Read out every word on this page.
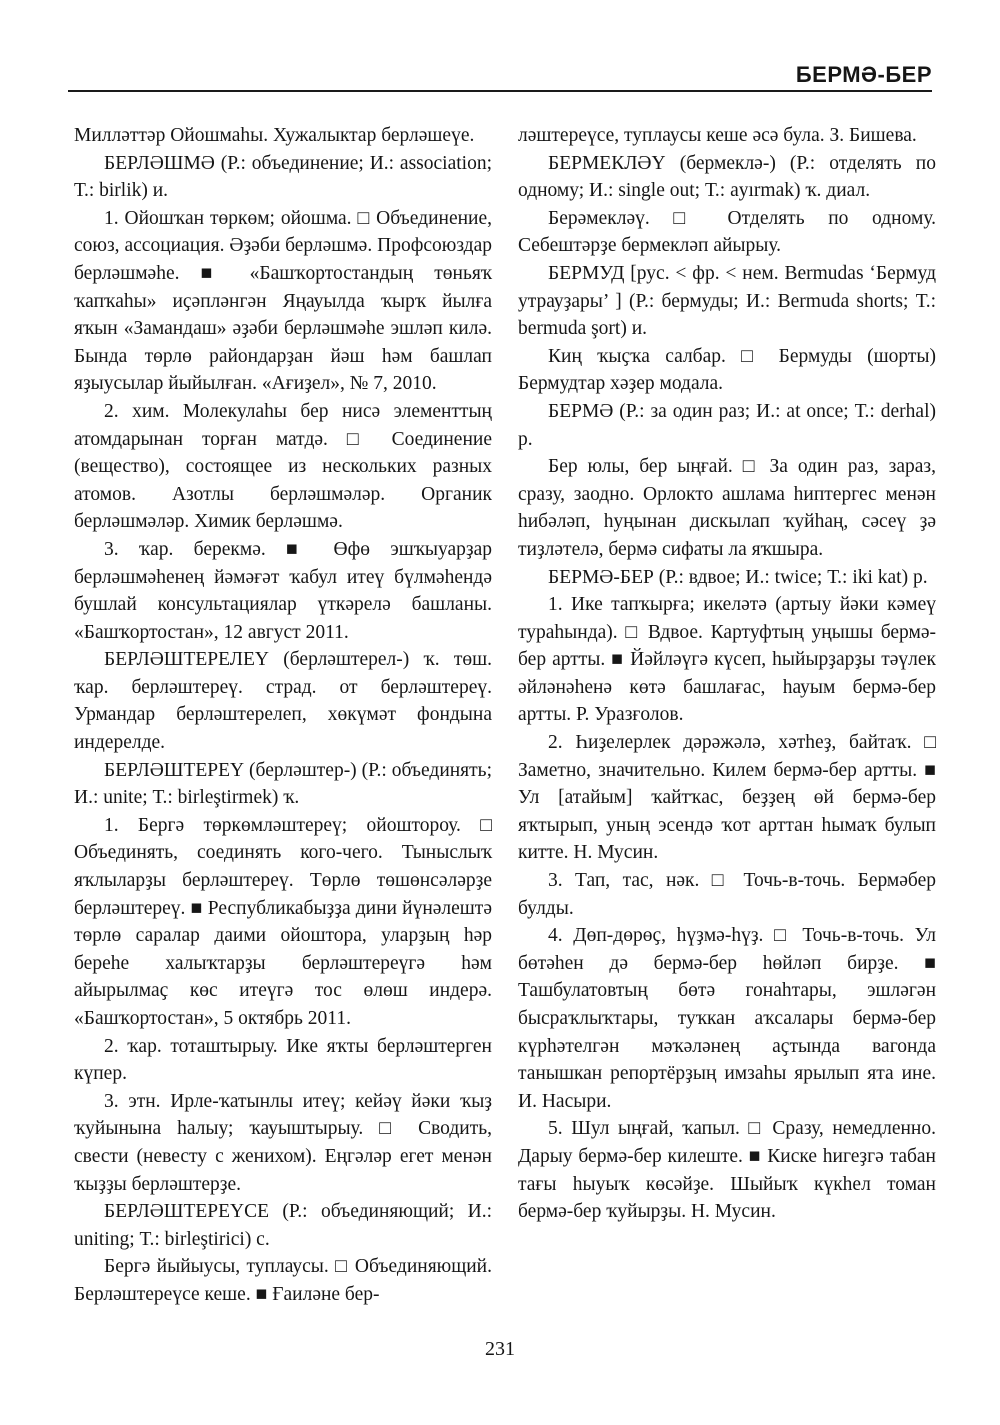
БЕРМӘ-БЕР

Милләттәр Ойошмаһы. Хужалыктар берләшеүе.

БЕРЛӘШМӘ (Р.: объединение; И.: association; Т.: birlik) и.

1. Ойошҡан төркөм; ойошма. □ Объединение, союз, ассоциация. Әҙәби берләшмә. Профсоюздар берләшмәһе. ■ «Башҡортостандың төньяҡ ҡапҡаһы» иҫәпләнгән Яңауылда ҡырҡ йылға яҡын «Замандаш» әҙәби берләшмәһе эшләп килә. Бында төрлө райондарҙан йәш һәм башлап яҙыусылар йыйылған. «Ағиҙел», № 7, 2010.

2. хим. Молекулаһы бер нисә элементтың атомдарынан торған матдә. □ Соединение (вещество), состоящее из нескольких разных атомов. Азотлы берләшмәләр. Органик берләшмәләр. Химик берләшмә.

3. ҡар. берекмә. ■ Өфө эшҡыуарҙар берләшмәһенең йәмәғәт ҡабул итеү бүлмәһендә бушлай консультациялар үткәрелә башланы. «Башҡортостан», 12 август 2011.

БЕРЛӘШТЕРЕЛЕҮ (берләштерел-) ҡ. төш. ҡар. берләштереү. страд. от берләштереү. Урмандар берләштерелеп, хөкүмәт фондына индерелде.

БЕРЛӘШТЕРЕҮ (берләштер-) (Р.: объединять; И.: unite; Т.: birleştirmek) ҡ.

1. Бергә төркөмләштереү; ойоштороу. □ Объединять, соединять кого-чего. Тыныслыҡ яҡлыларҙы берләштереү. Төрлө төшөнсәләрҙе берләштереү. ■ Республикабыҙҙа дини йүнәлештә төрлө саралар даими ойоштора, уларҙың һәр береһе халыҡтарҙы берләштереүгә һәм айырылмаҫ көс итеүгә тос өлөш индерә. «Башҡортостан», 5 октябрь 2011.

2. ҡар. тоташтырыу. Ике яҡты берләштерген күпер.

3. этн. Ирле-ҡатынлы итеү; кейәү йәки ҡыҙ ҡуйынына һалыу; ҡауыштырыу. □ Сводить, свести (невесту с женихом). Еңгәләр егет менән ҡыҙҙы берләштерҙе.

БЕРЛӘШТЕРЕҮСЕ (Р.: объединяющий; И.: uniting; Т.: birleştirici) с.

Бергә йыйыусы, туплаусы. □ Объединяющий. Берләштереүсе кеше. ■ Ғаиләне бер-

ләштереүсе, туплаусы кеше әсә була. З. Бишева.

БЕРМЕКЛӘҮ (бермеклә-) (Р.: отделять по одному; И.: single out; Т.: ayırmak) ҡ. диал.

Берәмекләү. □ Отделять по одному. Себештәрҙе бермекләп айырыу.

БЕРМУД [рус. < фр. < нем. Bermudas ‘Бермуд утрауҙары’ ] (Р.: бермуды; И.: Bermuda shorts; Т.: bermuda şort) и.

Киң ҡыҫҡа салбар. □ Бермуды (шорты) Бермудтар хәҙер модала.

БЕРМӘ (Р.: за один раз; И.: at once; Т.: derhal) р.

Бер юлы, бер ыңғай. □ За один раз, зараз, сразу, заодно. Орлокто ашлама һиптергес менән һибәләп, һуңынан дискылап ҡуйһаң, сәсеү ҙә тиҙләтелә, бермә сифаты ла яҡшыра.

БЕРМӘ-БЕР (Р.: вдвое; И.: twice; Т.: iki kat) р.

1. Ике тапҡырға; икеләтә (артыу йәки кәмеү тураһында). □ Вдвое. Картуфтың уңышы бермә-бер артты. ■ Йәйләүгә күсеп, һыйырҙарҙы тәүлек әйләнәһенә көтә башлағас, һауым бермә-бер артты. Р. Уразғолов.

2. Һиҙелерлек дәрәжәлә, хәтһеҙ, байтаҡ. □ Заметно, значительно. Килем бермә-бер артты. ■ Ул [атайым] ҡайтҡас, беҙҙең өй бермә-бер яҡтырып, уның эсендә ҡот арттан һымаҡ булып китте. Н. Мусин.

3. Тап, тас, нәк. □ Точь-в-точь. Бермәбер булды.

4. Дөп-дөрөҫ, һүҙмә-һүҙ. □ Точь-в-точь. Ул бөтәһен дә бермә-бер һөйләп бирҙе. ■ Ташбулатовтың бөтә гонаһтары, эшләгән бысраҡлыҡтары, туҡкан аҡсалары бермә-бер күрһәтелгән мәҡәләнең аҫтында вагонда танышкан репортёрҙың имзаһы ярылып ята ине. И. Насыри.

5. Шул ыңғай, ҡапыл. □ Сразу, немедленно. Дарыу бермә-бер килеште. ■ Киске һигеҙгә табан тағы һыуыҡ көсәйҙе. Шыйыҡ күкһел томан бермә-бер ҡуйырҙы. Н. Мусин.

231
